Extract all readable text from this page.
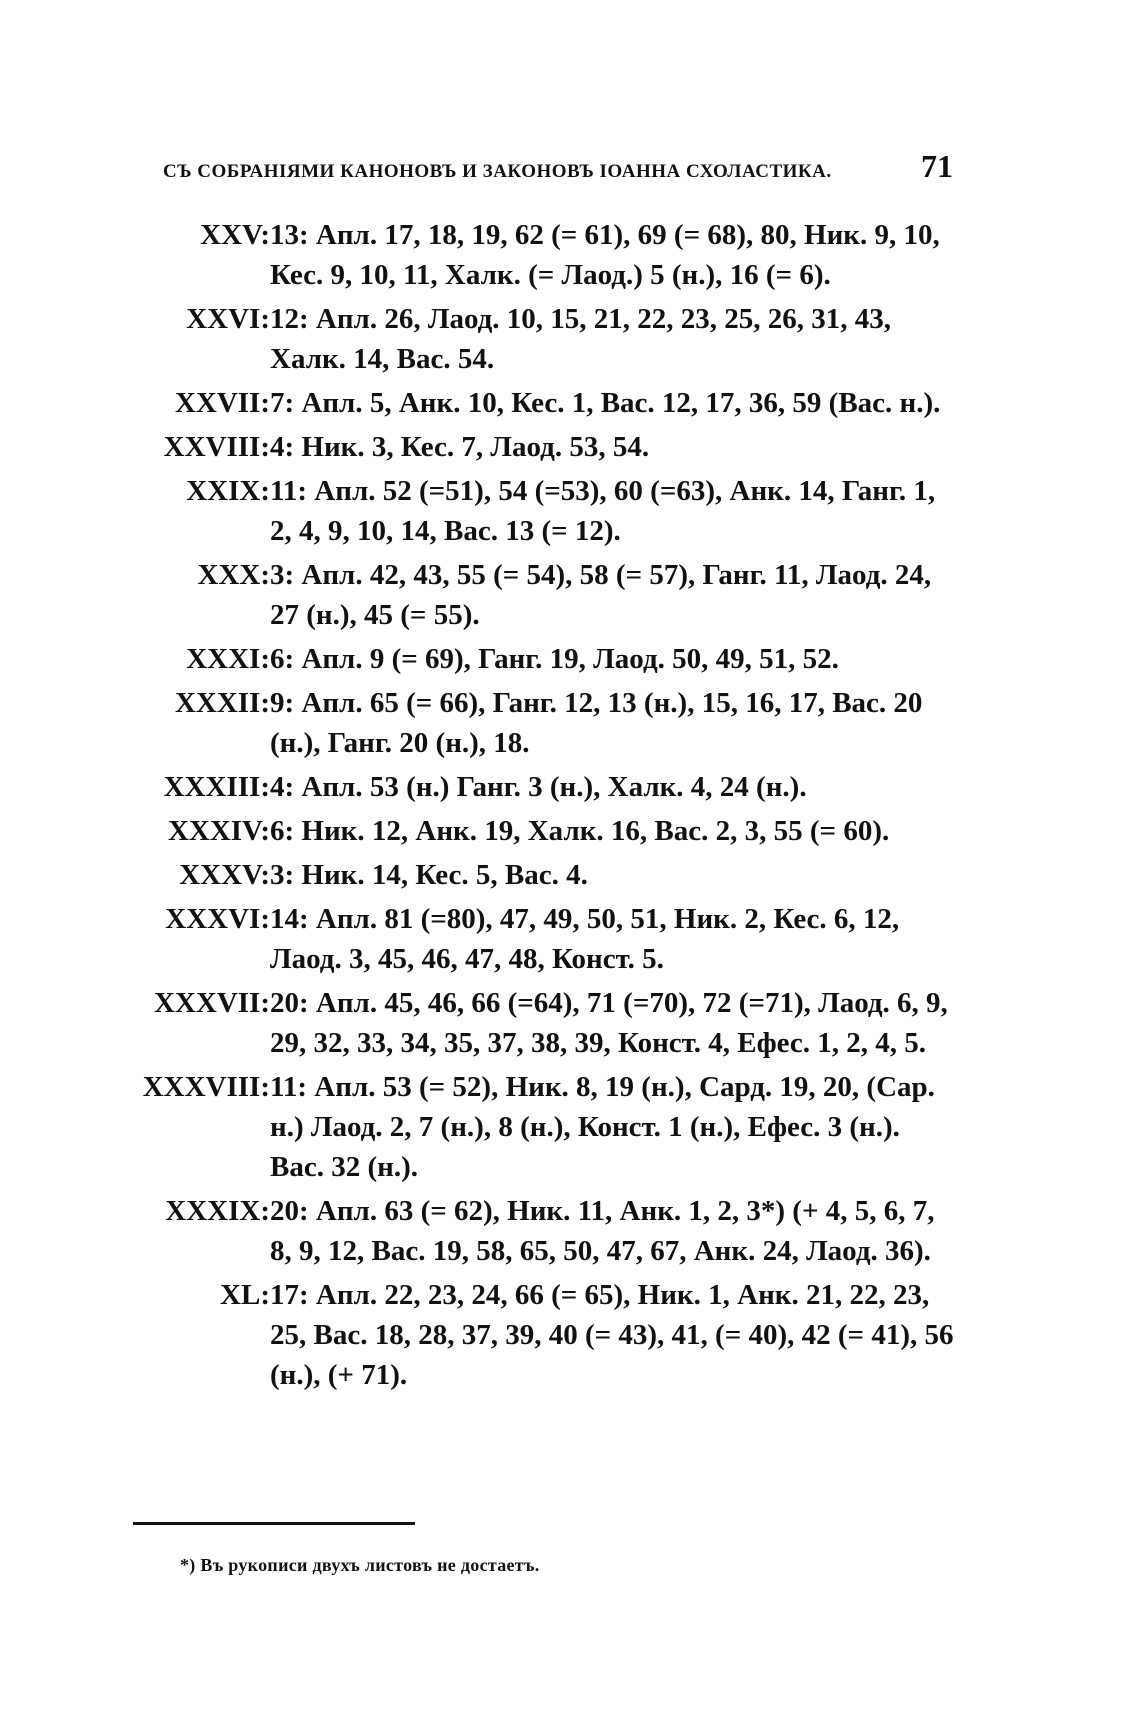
СЪ СОБРАНІЯМИ КАНОНОВЪ И ЗАКОНОВЪ ІОАННА СХОЛАСТИКА.	71
XXV: 13: Апл. 17, 18, 19, 62 (= 61), 69 (= 68), 80, Ник. 9, 10, Кес. 9, 10, 11, Халк. (= Лаод.) 5 (н.), 16 (= 6).
XXVI: 12: Апл. 26, Лаод. 10, 15, 21, 22, 23, 25, 26, 31, 43, Халк. 14, Вас. 54.
XXVII: 7: Апл. 5, Анк. 10, Кес. 1, Вас. 12, 17, 36, 59 (Вас. н.).
XXVIII: 4: Ник. 3, Кес. 7, Лаод. 53, 54.
XXIX: 11: Апл. 52 (=51), 54 (=53), 60 (=63), Анк. 14, Ганг. 1, 2, 4, 9, 10, 14, Вас. 13 (= 12).
XXX: 3: Апл. 42, 43, 55 (= 54), 58 (= 57), Ганг. 11, Лаод. 24, 27 (н.), 45 (= 55).
XXXI: 6: Апл. 9 (= 69), Ганг. 19, Лаод. 50, 49, 51, 52.
XXXII: 9: Апл. 65 (= 66), Ганг. 12, 13 (н.), 15, 16, 17, Вас. 20 (н.), Ганг. 20 (н.), 18.
XXXIII: 4: Апл. 53 (н.) Ганг. 3 (н.), Халк. 4, 24 (н.).
XXXIV: 6: Ник. 12, Анк. 19, Халк. 16, Вас. 2, 3, 55 (= 60).
XXXV: 3: Ник. 14, Кес. 5, Вас. 4.
XXXVI: 14: Апл. 81 (=80), 47, 49, 50, 51, Ник. 2, Кес. 6, 12, Лаод. 3, 45, 46, 47, 48, Конст. 5.
XXXVII: 20: Апл. 45, 46, 66 (=64), 71 (=70), 72 (=71), Лаод. 6, 9, 29, 32, 33, 34, 35, 37, 38, 39, Конст. 4, Ефес. 1, 2, 4, 5.
XXXVIII: 11: Апл. 53 (= 52), Ник. 8, 19 (н.), Сард. 19, 20, (Сар. н.) Лаод. 2, 7 (н.), 8 (н.), Конст. 1 (н.), Ефес. 3 (н.). Вас. 32 (н.).
XXXIX: 20: Апл. 63 (= 62), Ник. 11, Анк. 1, 2, 3*) (+ 4, 5, 6, 7, 8, 9, 12, Вас. 19, 58, 65, 50, 47, 67, Анк. 24, Лаод. 36).
XL: 17: Апл. 22, 23, 24, 66 (= 65), Ник. 1, Анк. 21, 22, 23, 25, Вас. 18, 28, 37, 39, 40 (= 43), 41, (= 40), 42 (= 41), 56 (н.), (+ 71).
*) Въ рукописи двухъ листовъ не достаетъ.
